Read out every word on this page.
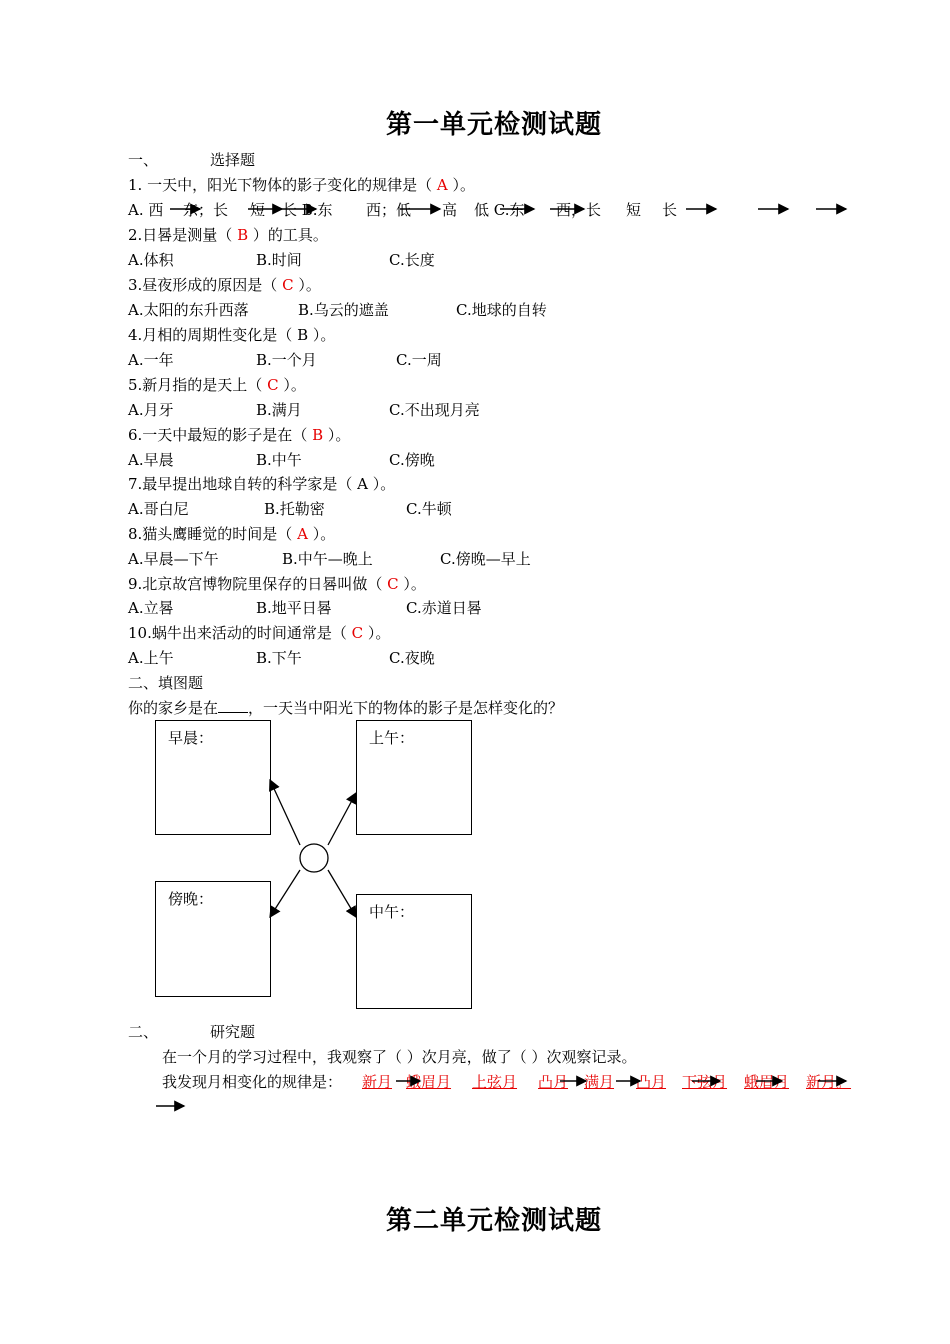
第一单元检测试题
一、	选择题
1. 一天中，阳光下物体的影子变化的规律是（ A ）。
A. 西 东；长 短 长 B.东 西；低 高 低 C.东 西，长 短 长
2.日晷是测量（ B ）的工具。
A.体积	B.时间	C.长度
3.昼夜形成的原因是（ C ）。
A.太阳的东升西落	B.乌云的遮盖	C.地球的自转
4.月相的周期性变化是（ B ）。
A.一年	B.一个月	C.一周
5.新月指的是天上（ C ）。
A.月牙	B.满月	C.不出现月亮
6.一天中最短的影子是在（ B ）。
A.早晨	B.中午	C.傍晚
7.最早提出地球自转的科学家是（ A ）。
A.哥白尼	B.托勒密	C.牛顿
8.猫头鹰睡觉的时间是（ A ）。
A.早晨—下午	B.中午—晚上	C.傍晚—早上
9.北京故宫博物院里保存的日晷叫做（ C ）。
A.立晷	B.地平日晷	C.赤道日晷
10.蜗牛出来活动的时间通常是（ C ）。
A.上午	B.下午	C.夜晚
二、填图题
你的家乡是在 ，一天当中阳光下的物体的影子是怎样变化的？
早晨：	上午：
傍晚：
中午：
二、	研究题
在一个月的学习过程中，我观察了（ ）次月亮，做了（ ）次观察记录。
我发现月相变化的规律是： 新月 蛾眉月 上弦月 凸月 满月 凸月 下弦月 蛾眉月 新月。
第二单元检测试题
